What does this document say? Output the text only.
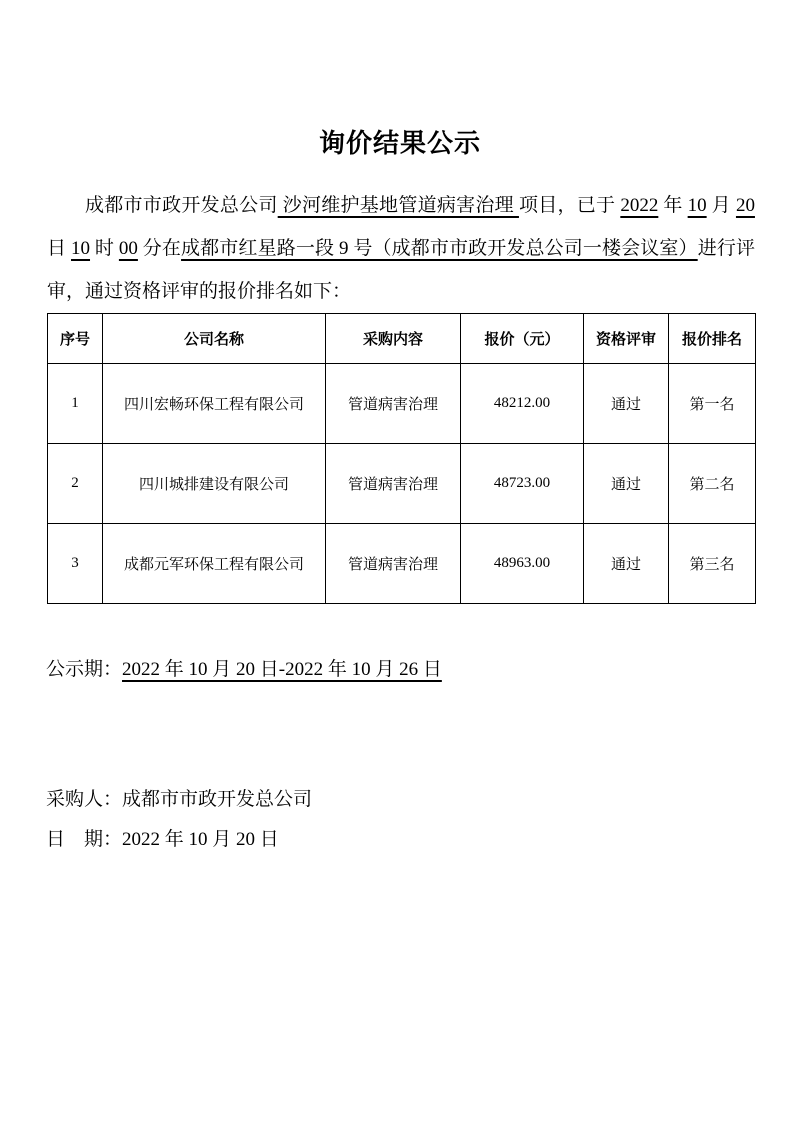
询价结果公示

成都市市政开发总公司 沙河维护基地管道病害治理 项目，已于 2022 年 10 月 20 日 10 时 00 分在成都市红星路一段 9 号（成都市市政开发总公司一楼会议室）进行评审，通过资格评审的报价排名如下：

序号	公司名称	采购内容	报价（元）	资格评审	报价排名
1	四川宏畅环保工程有限公司	管道病害治理	48212.00	通过	第一名
2	四川城排建设有限公司	管道病害治理	48723.00	通过	第二名
3	成都元军环保工程有限公司	管道病害治理	48963.00	通过	第三名

公示期：2022 年 10 月 20 日-2022 年 10 月 26 日

采购人：成都市市政开发总公司

日　期：2022 年 10 月 20 日
